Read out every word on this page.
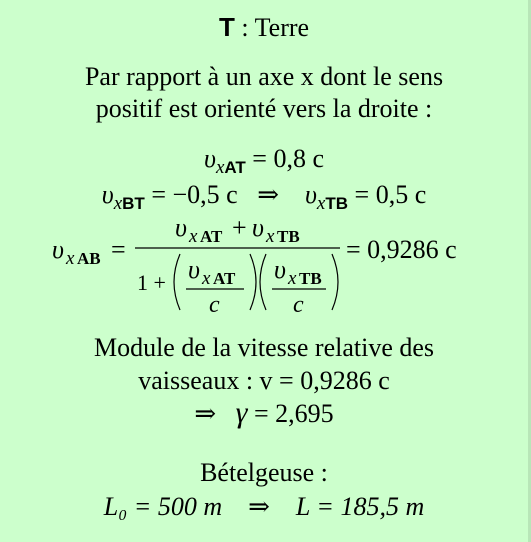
T : Terre
Par rapport à un axe x dont le sens
positif est orienté vers la droite :
$\upsilon_{xAT} = 0,8$ c
$\upsilon_{xBT} = -0,5$ c ⇒ $\upsilon_{xTB} = 0,5$ c
υ x AB =
υ x AT + υ x TB
1 + υ x AT
c
υ x TB
c
= 0,9286 c
Module de la vitesse relative des
vaisseaux : v = 0,9286 c
⇒ γ = 2,695
Bételgeuse :
L₀ = 500 m ⇒ L = 185,5 m
